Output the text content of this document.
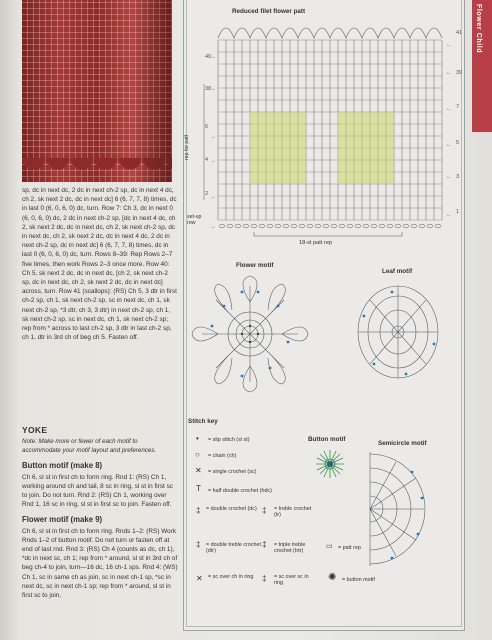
sp, dc in next dc, 2 dc in next ch-2 sp, dc in next 4 dc, ch 2, sk next 2 dc, dc in next dc] 6 (6, 7, 7, 8) times, dc in last 0 (6, 0, 6, 0) dc, turn. Row 7: Ch 3, dc in next 0 (6, 0, 6, 0) dc, 2 dc in next ch-2 sp, [dc in next 4 dc, ch 2, sk next 2 dc, dc in next dc, ch 2, sk next ch-2 sp, dc in next dc, ch 2, sk next 2 dc, dc in next 4 dc, 2 dc in next ch-2 sp, dc in next dc] 6 (6, 7, 7, 8) times, dc in last 0 (6, 0, 6, 0) dc, turn. Rows 8–39: Rep Rows 2–7 five times, then work Rows 2–3 once more. Row 40: Ch 5, sk next 2 dc, dc in next dc, [ch 2, sk next ch-2 sp, dc in next dc, ch 2, sk next 2 dc, dc in next dc] across, turn. Row 41 (scallops): (RS) Ch 5, 3 dtr in first ch-2 sp, ch 1, sk next ch-2 sp, sc in next dc, ch 1, sk next ch-2 sp, *3 dtr, ch 3, 3 dtr) in next ch-2 sp, ch 1, sk next ch-2 sp, sc in next dc, ch 1, sk next ch-2 sp; rep from * across to last ch-2 sp, 3 dtr in last ch-2 sp, ch 1, dtr in 3rd ch of beg ch 5. Fasten off.

YOKE

Note: Make more or fewer of each motif to accommodate your motif layout and preferences.

Button motif (make 8)

Ch 6, sl st in first ch to form ring. Rnd 1: (RS) Ch 1, working around ch and tail, 8 sc in ring, sl st in first sc to join. Do not turn. Rnd 2: (RS) Ch 1, working over Rnd 1, 16 sc in ring, sl st in first sc to join. Fasten off.

Flower motif (make 9)

Ch 6, sl st in first ch to form ring. Rnds 1–2: (RS) Work Rnds 1–2 of button motif. Do not turn or fasten off at end of last rnd. Rnd 3: (RS) Ch 4 (counts as dc, ch 1), *dc in next sc, ch 1; rep from * around, sl st in 3rd ch of beg ch-4 to join, turn—16 dc, 16 ch-1 sps. Rnd 4: (WS) Ch 1, sc in same ch as join, sc in next ch-1 sp, *sc in next dc, sc in next ch-1 sp; rep from * around, sl st in first sc to join,

Reduced filet flower patt
→
→
→
→
→
→
←
←
←
←
←
←
40
38
6
4
2
41
39
7
5
3
1
rep for patt
set-up row
18-st patt rep
Flower motif
Leaf motif
Stitch key
• = slip stitch (sl st)
○ = chain (ch)
✕ = single crochet (sc)
T = half double crochet (hdc)
‡ = double crochet (dc) ‡ = treble crochet (tr)
‡ = double treble crochet (dtr)
‡ = triple treble crochet (trtr)
▭ = patt rep
✕ = sc over ch in ring	‡ = sc over sc in ring
✺ = button motif
Button motif
Semicircle motif
Flower Child
